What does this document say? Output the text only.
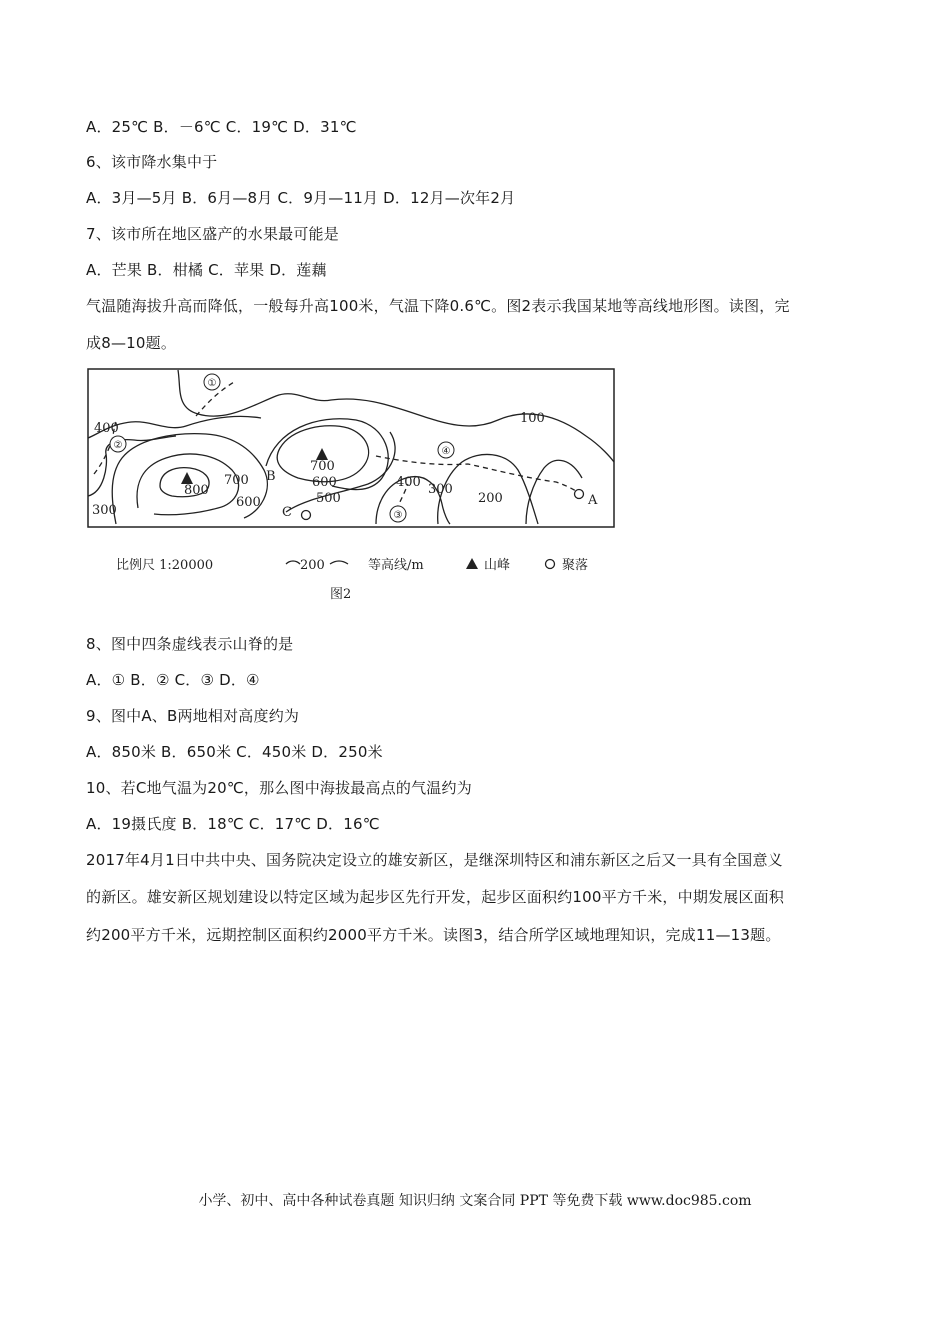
A．25℃ B．－6℃ C．19℃ D．31℃
6、该市降水集中于
A．3月—5月 B．6月—8月 C．9月—11月 D．12月—次年2月
7、该市所在地区盛产的水果最可能是
A．芒果 B．柑橘 C．苹果 D．莲藕
气温随海拔升高而降低，一般每升高100米，气温下降0.6℃。图2表示我国某地等高线地形图。读图，完
成8—10题。
①
②
③
④
100
400
300
800
700
600
700
600
500
400 300
200
B
A
C
比例尺 1:20000	200	等高线/m	山峰	聚落
图2
8、图中四条虚线表示山脊的是
A．① B．② C．③ D．④
9、图中A、B两地相对高度约为
A．850米 B．650米 C．450米 D．250米
10、若C地气温为20℃，那么图中海拔最高点的气温约为
A．19摄氏度 B．18℃ C．17℃ D．16℃
2017年4月1日中共中央、国务院决定设立的雄安新区，是继深圳特区和浦东新区之后又一具有全国意义
的新区。雄安新区规划建设以特定区域为起步区先行开发，起步区面积约100平方千米，中期发展区面积
约200平方千米，远期控制区面积约2000平方千米。读图3，结合所学区域地理知识，完成11—13题。
小学、初中、高中各种试卷真题 知识归纳 文案合同 PPT 等免费下载 www.doc985.com
